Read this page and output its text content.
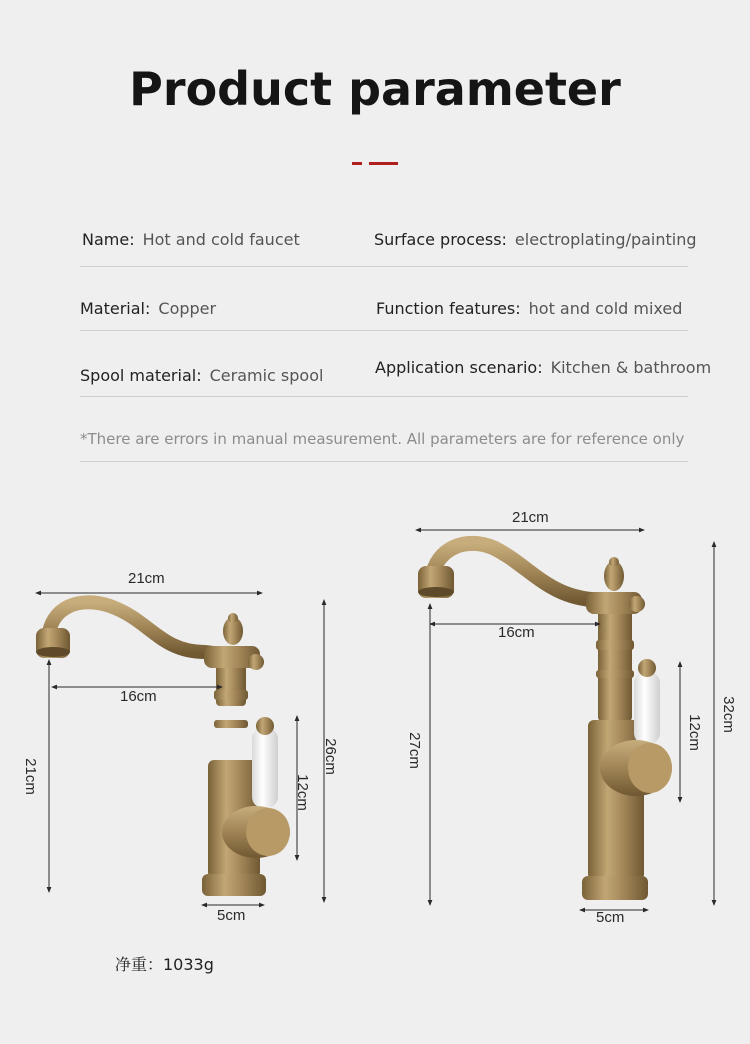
Product parameter
Name: Hot and cold faucet	Surface process: electroplating/painting
Material: Copper	Function features: hot and cold mixed
Spool material: Ceramic spool	Application scenario: Kitchen & bathroom
*There are errors in manual measurement. All parameters are for reference only
21cm
16cm
21cm
26cm
12cm
5cm
21cm
16cm
27cm
32cm
12cm
5cm
净重：1033g
